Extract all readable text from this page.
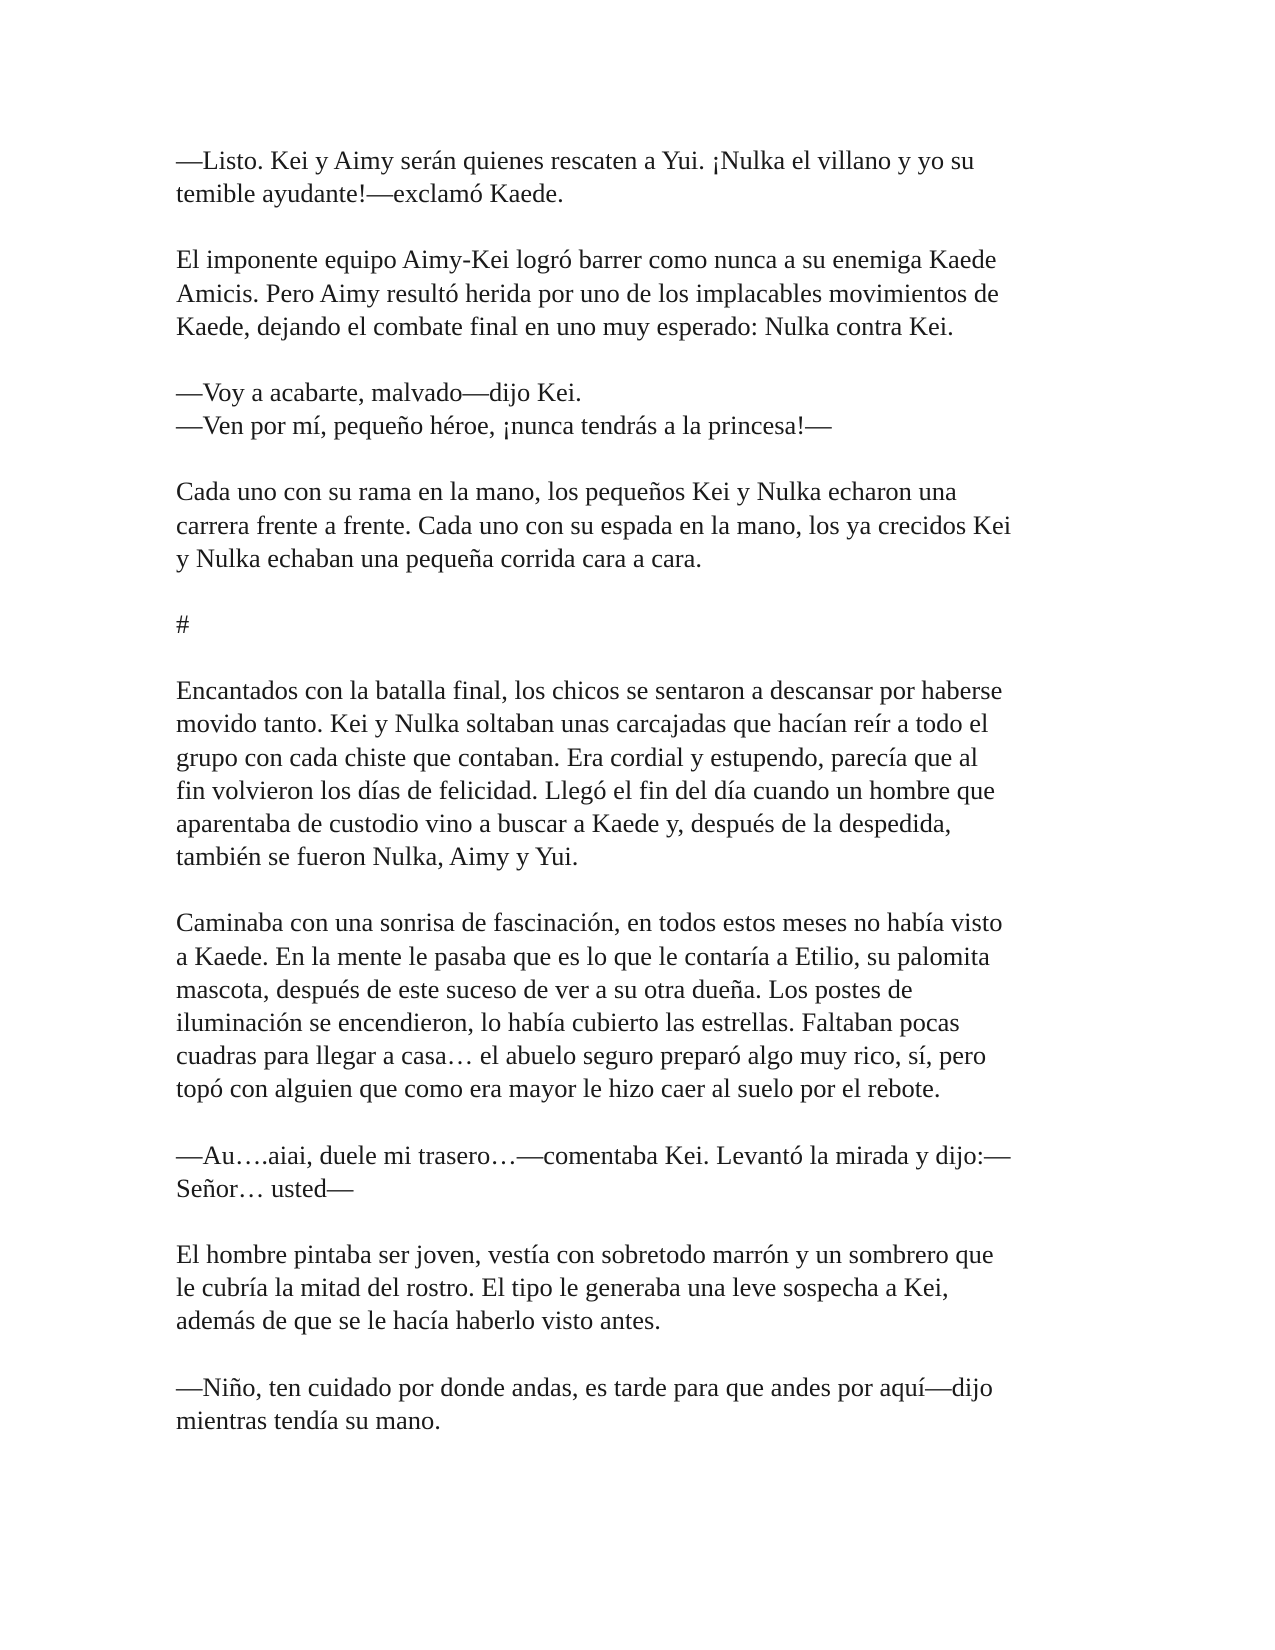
—Listo. Kei y Aimy serán quienes rescaten a Yui. ¡Nulka el villano y yo su
temible ayudante!—exclamó Kaede.

El imponente equipo Aimy-Kei logró barrer como nunca a su enemiga Kaede
Amicis. Pero Aimy resultó herida por uno de los implacables movimientos de
Kaede, dejando el combate final en uno muy esperado: Nulka contra Kei.

—Voy a acabarte, malvado—dijo Kei.
—Ven por mí, pequeño héroe, ¡nunca tendrás a la princesa!—

Cada uno con su rama en la mano, los pequeños Kei y Nulka echaron una
carrera frente a frente. Cada uno con su espada en la mano, los ya crecidos Kei
y Nulka echaban una pequeña corrida cara a cara.

#

Encantados con la batalla final, los chicos se sentaron a descansar por haberse
movido tanto. Kei y Nulka soltaban unas carcajadas que hacían reír a todo el
grupo con cada chiste que contaban. Era cordial y estupendo, parecía que al
fin volvieron los días de felicidad. Llegó el fin del día cuando un hombre que
aparentaba de custodio vino a buscar a Kaede y, después de la despedida,
también se fueron Nulka, Aimy y Yui.

Caminaba con una sonrisa de fascinación, en todos estos meses no había visto
a Kaede. En la mente le pasaba que es lo que le contaría a Etilio, su palomita
mascota, después de este suceso de ver a su otra dueña. Los postes de
iluminación se encendieron, lo había cubierto las estrellas. Faltaban pocas
cuadras para llegar a casa… el abuelo seguro preparó algo muy rico, sí, pero
topó con alguien que como era mayor le hizo caer al suelo por el rebote.

—Au….aiai, duele mi trasero…—comentaba Kei. Levantó la mirada y dijo:—
Señor… usted—

El hombre pintaba ser joven, vestía con sobretodo marrón y un sombrero que
le cubría la mitad del rostro. El tipo le generaba una leve sospecha a Kei,
además de que se le hacía haberlo visto antes.

—Niño, ten cuidado por donde andas, es tarde para que andes por aquí—dijo
mientras tendía su mano.
